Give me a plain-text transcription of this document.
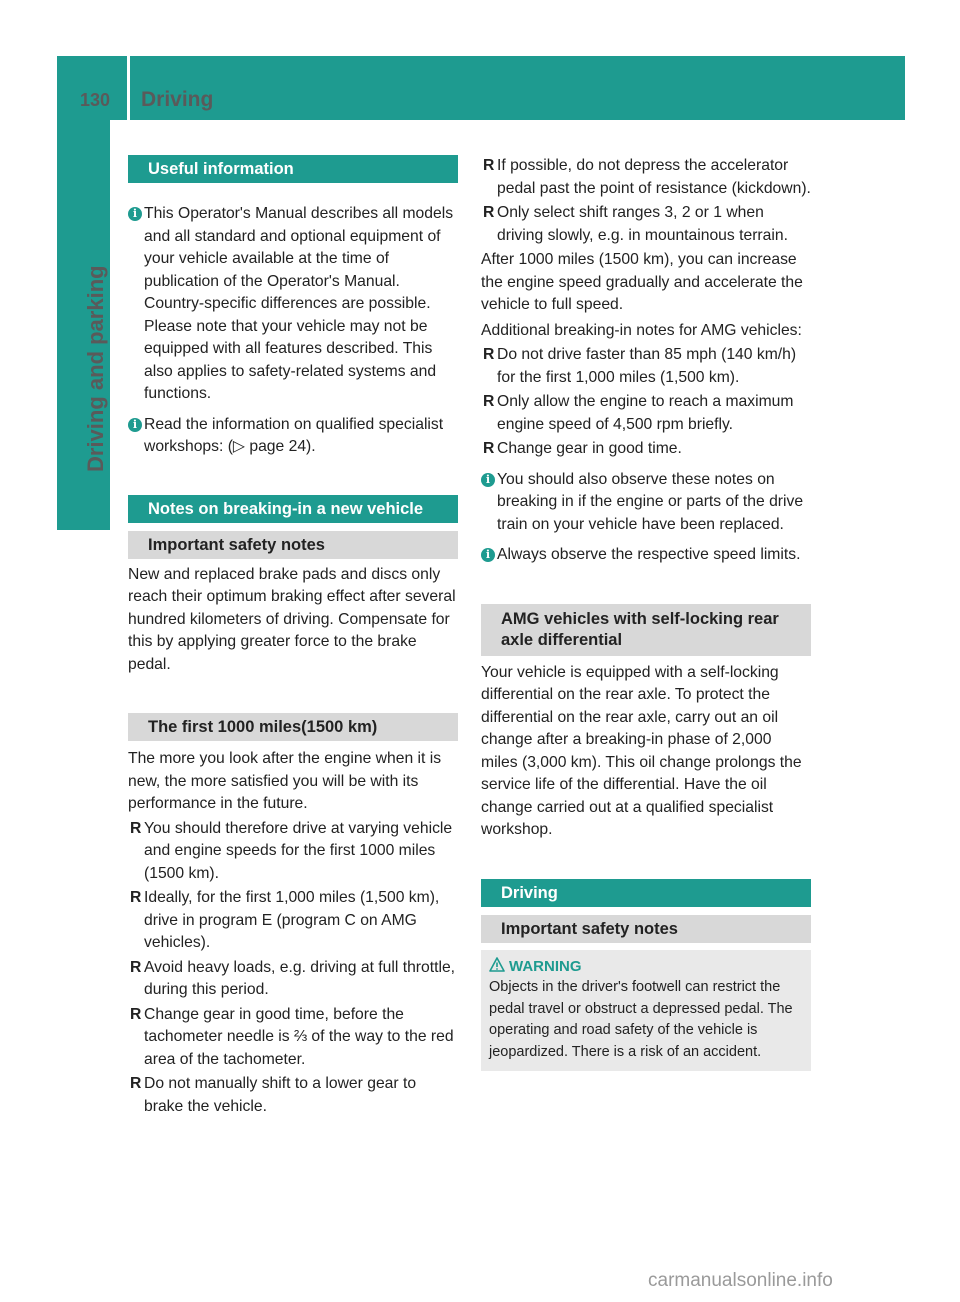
130	Driving
Driving and parking
Useful information
i This Operator's Manual describes all models and all standard and optional equipment of your vehicle available at the time of publication of the Operator's Manual. Country-specific differences are possible. Please note that your vehicle may not be equipped with all features described. This also applies to safety-related systems and functions.

i Read the information on qualified specialist workshops: (▷ page 24).

Notes on breaking-in a new vehicle
Important safety notes

New and replaced brake pads and discs only reach their optimum braking effect after several hundred kilometers of driving. Compensate for this by applying greater force to the brake pedal.

The first 1000 miles(1500 km)

The more you look after the engine when it is new, the more satisfied you will be with its performance in the future.

R You should therefore drive at varying vehicle and engine speeds for the first 1000 miles (1500 km).

R Ideally, for the first 1,000 miles (1,500 km), drive in program E (program C on AMG vehicles).

R Avoid heavy loads, e.g. driving at full throttle, during this period.

R Change gear in good time, before the tachometer needle is ⅔ of the way to the red area of the tachometer.

R Do not manually shift to a lower gear to brake the vehicle.

R If possible, do not depress the accelerator pedal past the point of resistance (kickdown).

R Only select shift ranges 3, 2 or 1 when driving slowly, e.g. in mountainous terrain.

After 1000 miles (1500 km), you can increase the engine speed gradually and accelerate the vehicle to full speed.

Additional breaking-in notes for AMG vehicles:

R Do not drive faster than 85 mph (140 km/h) for the first 1,000 miles (1,500 km).

R Only allow the engine to reach a maximum engine speed of 4,500 rpm briefly.

R Change gear in good time.

i You should also observe these notes on breaking in if the engine or parts of the drive train on your vehicle have been replaced.

i Always observe the respective speed limits.

AMG vehicles with self-locking rear axle differential

Your vehicle is equipped with a self-locking differential on the rear axle. To protect the differential on the rear axle, carry out an oil change after a breaking-in phase of 2,000 miles (3,000 km). This oil change prolongs the service life of the differential. Have the oil change carried out at a qualified specialist workshop.

Driving
Important safety notes
WARNING

Objects in the driver's footwell can restrict the pedal travel or obstruct a depressed pedal. The operating and road safety of the vehicle is jeopardized. There is a risk of an accident.

carmanualsonline.info
